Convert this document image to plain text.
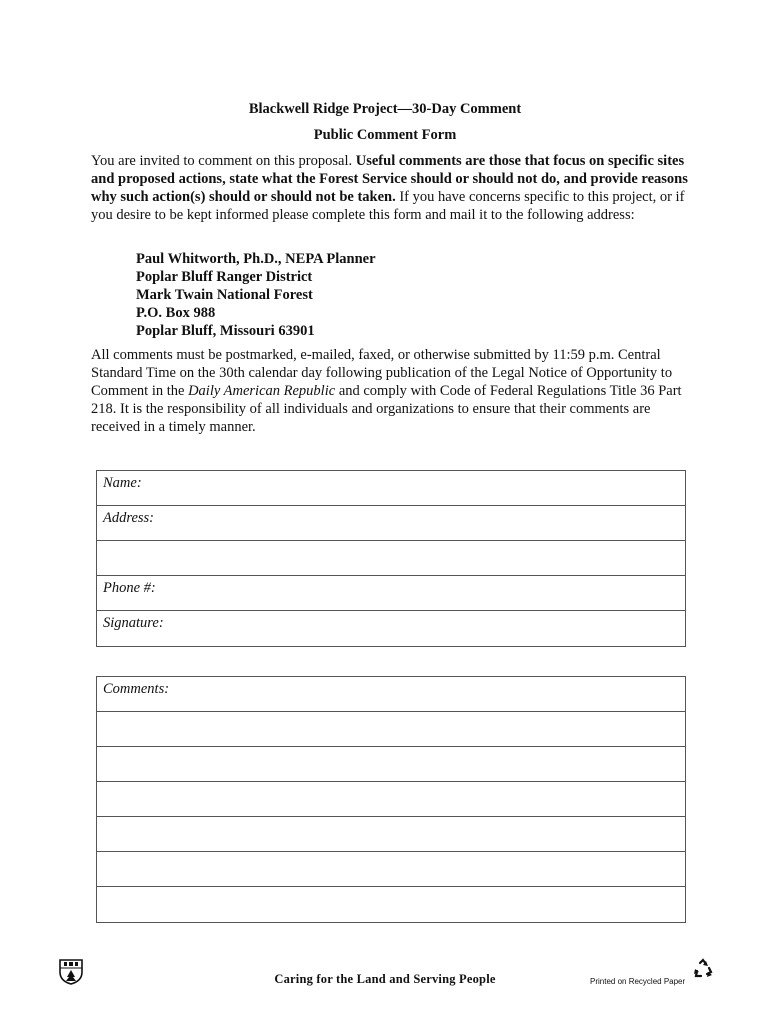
Blackwell Ridge Project—30-Day Comment
Public Comment Form

You are invited to comment on this proposal. Useful comments are those that focus on specific sites and proposed actions, state what the Forest Service should or should not do, and provide reasons why such action(s) should or should not be taken. If you have concerns specific to this project, or if you desire to be kept informed please complete this form and mail it to the following address:

Paul Whitworth, Ph.D., NEPA Planner
Poplar Bluff Ranger District
Mark Twain National Forest
P.O. Box 988
Poplar Bluff, Missouri 63901

All comments must be postmarked, e-mailed, faxed, or otherwise submitted by 11:59 p.m. Central Standard Time on the 30th calendar day following publication of the Legal Notice of Opportunity to Comment in the Daily American Republic and comply with Code of Federal Regulations Title 36 Part 218. It is the responsibility of all individuals and organizations to ensure that their comments are received in a timely manner.

Name:
Address:
Phone #:
Signature:
Comments:
Caring for the Land and Serving People	Printed on Recycled Paper
